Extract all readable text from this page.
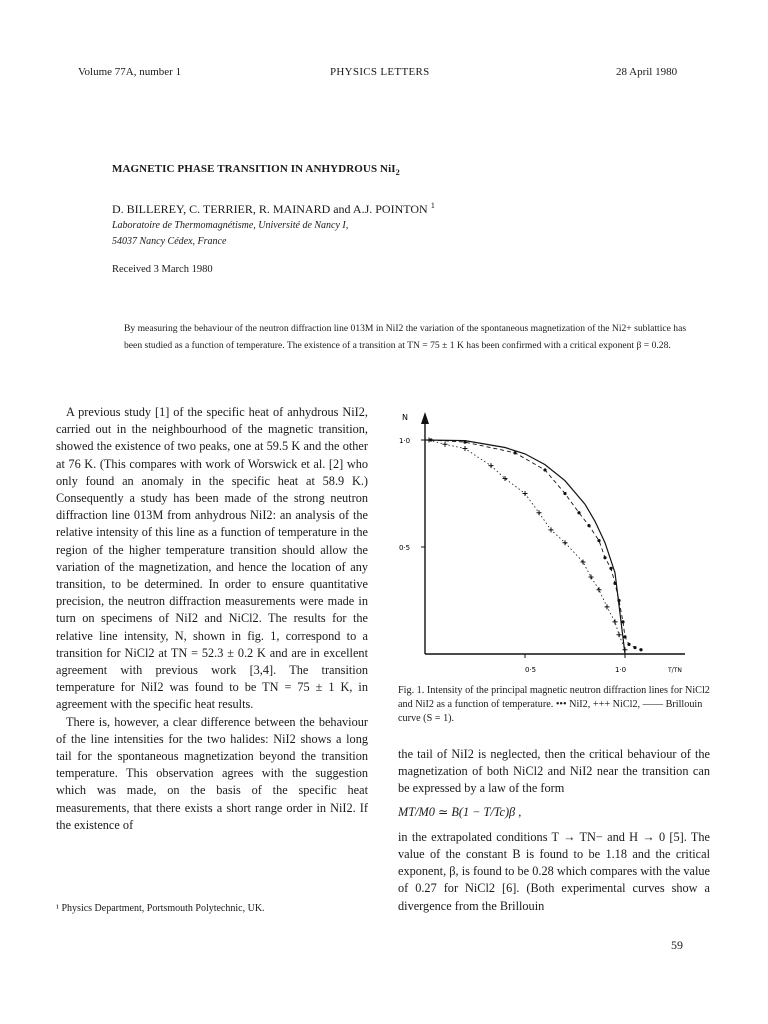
Volume 77A, number 1	PHYSICS LETTERS	28 April 1980
MAGNETIC PHASE TRANSITION IN ANHYDROUS NiI$_2$
D. BILLEREY, C. TERRIER, R. MAINARD and A.J. POINTON $^1$
Laboratoire de Thermomagnétisme, Université de Nancy I,
54037 Nancy Cédex, France
Received 3 March 1980
By measuring the behaviour of the neutron diffraction line 013M in NiI2 the variation of the spontaneous magnetization of the Ni2+ sublattice has been studied as a function of temperature. The existence of a transition at TN = 75 ± 1 K has been confirmed with a critical exponent β = 0.28.

A previous study [1] of the specific heat of anhydrous NiI2, carried out in the neighbourhood of the magnetic transition, showed the existence of two peaks, one at 59.5 K and the other at 76 K. (This compares with work of Worswick et al. [2] who only found an anomaly in the specific heat at 58.9 K.) Consequently a study has been made of the strong neutron diffraction line 013M from anhydrous NiI2: an analysis of the relative intensity of this line as a function of temperature in the region of the higher temperature transition should allow the variation of the magnetization, and hence the location of any transition, to be determined. In order to ensure quantitative precision, the neutron diffraction measurements were made in turn on specimens of NiI2 and NiCl2. The results for the relative line intensity, N, shown in fig. 1, correspond to a transition for NiCl2 at TN = 52.3 ± 0.2 K and are in excellent agreement with previous work [3,4]. The transition temperature for NiI2 was found to be TN = 75 ± 1 K, in agreement with the specific heat results.

There is, however, a clear difference between the behaviour of the line intensities for the two halides: NiI2 shows a long tail for the spontaneous magnetization beyond the transition temperature. This observation agrees with the suggestion which was made, on the basis of the specific heat measurements, that there exists a short range order in NiI2. If the existence of

¹ Physics Department, Portsmouth Polytechnic, UK.
N
1·0
0·5
0·5	1·0	T/TN
Fig. 1. Intensity of the principal magnetic neutron diffraction lines for NiCl2 and NiI2 as a function of temperature. ••• NiI2, +++ NiCl2, —— Brillouin curve (S = 1).

the tail of NiI2 is neglected, then the critical behaviour of the magnetization of both NiCl2 and NiI2 near the transition can be expressed by a law of the form

MT/M0 ≃ B(1 − T/Tc)β ,

in the extrapolated conditions T → TN− and H → 0 [5]. The value of the constant B is found to be 1.18 and the critical exponent, β, is found to be 0.28 which compares with the value of 0.27 for NiCl2 [6]. (Both experimental curves show a divergence from the Brillouin

59
